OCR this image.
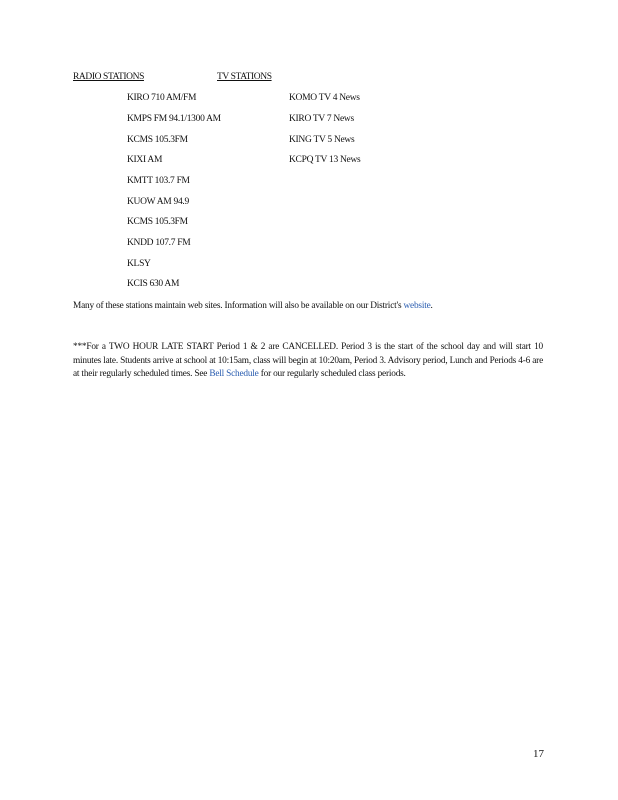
RADIO STATIONS	TV STATIONS
KIRO 710 AM/FM
KMPS FM 94.1/1300 AM
KCMS 105.3FM
KIXI AM
KMTT 103.7 FM
KUOW AM 94.9
KCMS 105.3FM
KNDD 107.7 FM
KLSY
KCIS 630 AM
KOMO TV 4 News
KIRO TV 7 News
KING TV 5 News
KCPQ TV 13 News
Many of these stations maintain web sites. Information will also be available on our District's website.
***For a TWO HOUR LATE START Period 1 & 2 are CANCELLED. Period 3 is the start of the school day and will start 10 minutes late. Students arrive at school at 10:15am, class will begin at 10:20am, Period 3. Advisory period, Lunch and Periods 4-6 are at their regularly scheduled times. See Bell Schedule for our regularly scheduled class periods.
17
